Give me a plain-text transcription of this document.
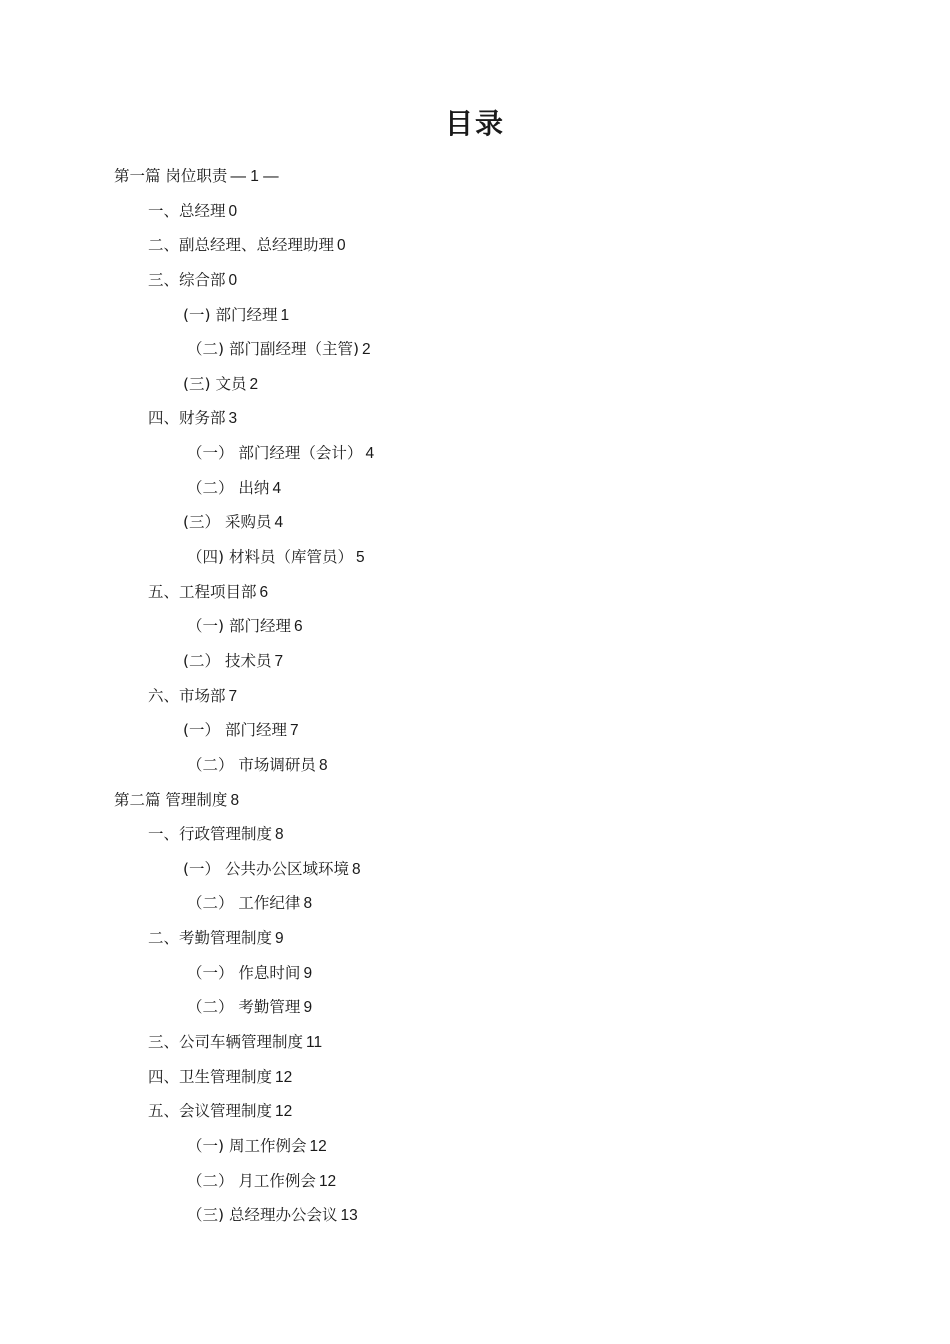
目录
第一篇 岗位职责 — 1 —
一、总经理 0
二、副总经理、总经理助理 0
三、综合部 0
(一) 部门经理 1
（二) 部门副经理（主管) 2
(三) 文员 2
四、财务部 3
（一） 部门经理（会计） 4
（二） 出纳 4
(三） 采购员 4
（四) 材料员（库管员） 5
五、工程项目部 6
（一) 部门经理 6
(二） 技术员 7
六、市场部 7
(一） 部门经理 7
（二） 市场调研员 8
第二篇 管理制度 8
一、行政管理制度 8
(一） 公共办公区域环境 8
（二） 工作纪律 8
二、考勤管理制度 9
（一） 作息时间 9
（二） 考勤管理 9
三、公司车辆管理制度 11
四、卫生管理制度 12
五、会议管理制度 12
（一) 周工作例会 12
（二） 月工作例会 12
（三) 总经理办公会议 13
